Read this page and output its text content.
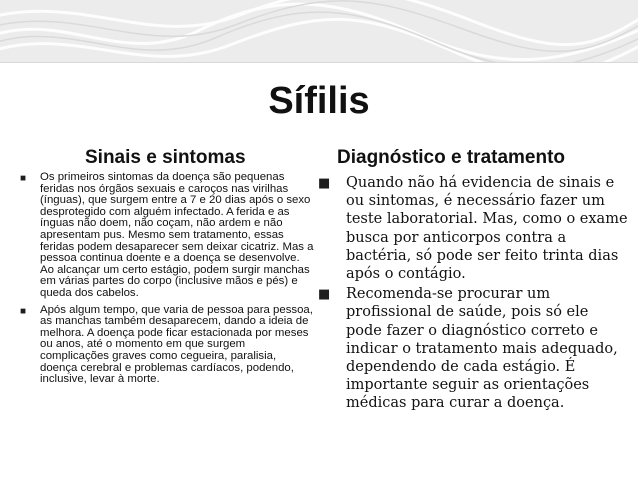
Sífilis
Sinais e sintomas	Diagnóstico e tratamento
■ Os primeiros sintomas da doença são pequenas feridas nos órgãos sexuais e caroços nas virilhas (ínguas), que surgem entre a 7 e 20 dias após o sexo desprotegido com alguém infectado. A ferida e as ínguas não doem, não coçam, não ardem e não apresentam pus. Mesmo sem tratamento, essas feridas podem desaparecer sem deixar cicatriz. Mas a pessoa continua doente e a doença se desenvolve. Ao alcançar um certo estágio, podem surgir manchas em várias partes do corpo (inclusive mãos e pés) e queda dos cabelos.
■ Após algum tempo, que varia de pessoa para pessoa, as manchas também desaparecem, dando a ideia de melhora. A doença pode ficar estacionada por meses ou anos, até o momento em que surgem complicações graves como cegueira, paralisia, doença cerebral e problemas cardíacos, podendo, inclusive, levar à morte.
■ Quando não há evidencia de sinais e ou sintomas, é necessário fazer um teste laboratorial. Mas, como o exame busca por anticorpos contra a bactéria, só pode ser feito trinta dias após o contágio.
■ Recomenda-se procurar um profissional de saúde, pois só ele pode fazer o diagnóstico correto e indicar o tratamento mais adequado, dependendo de cada estágio. É importante seguir as orientações médicas para curar a doença.
